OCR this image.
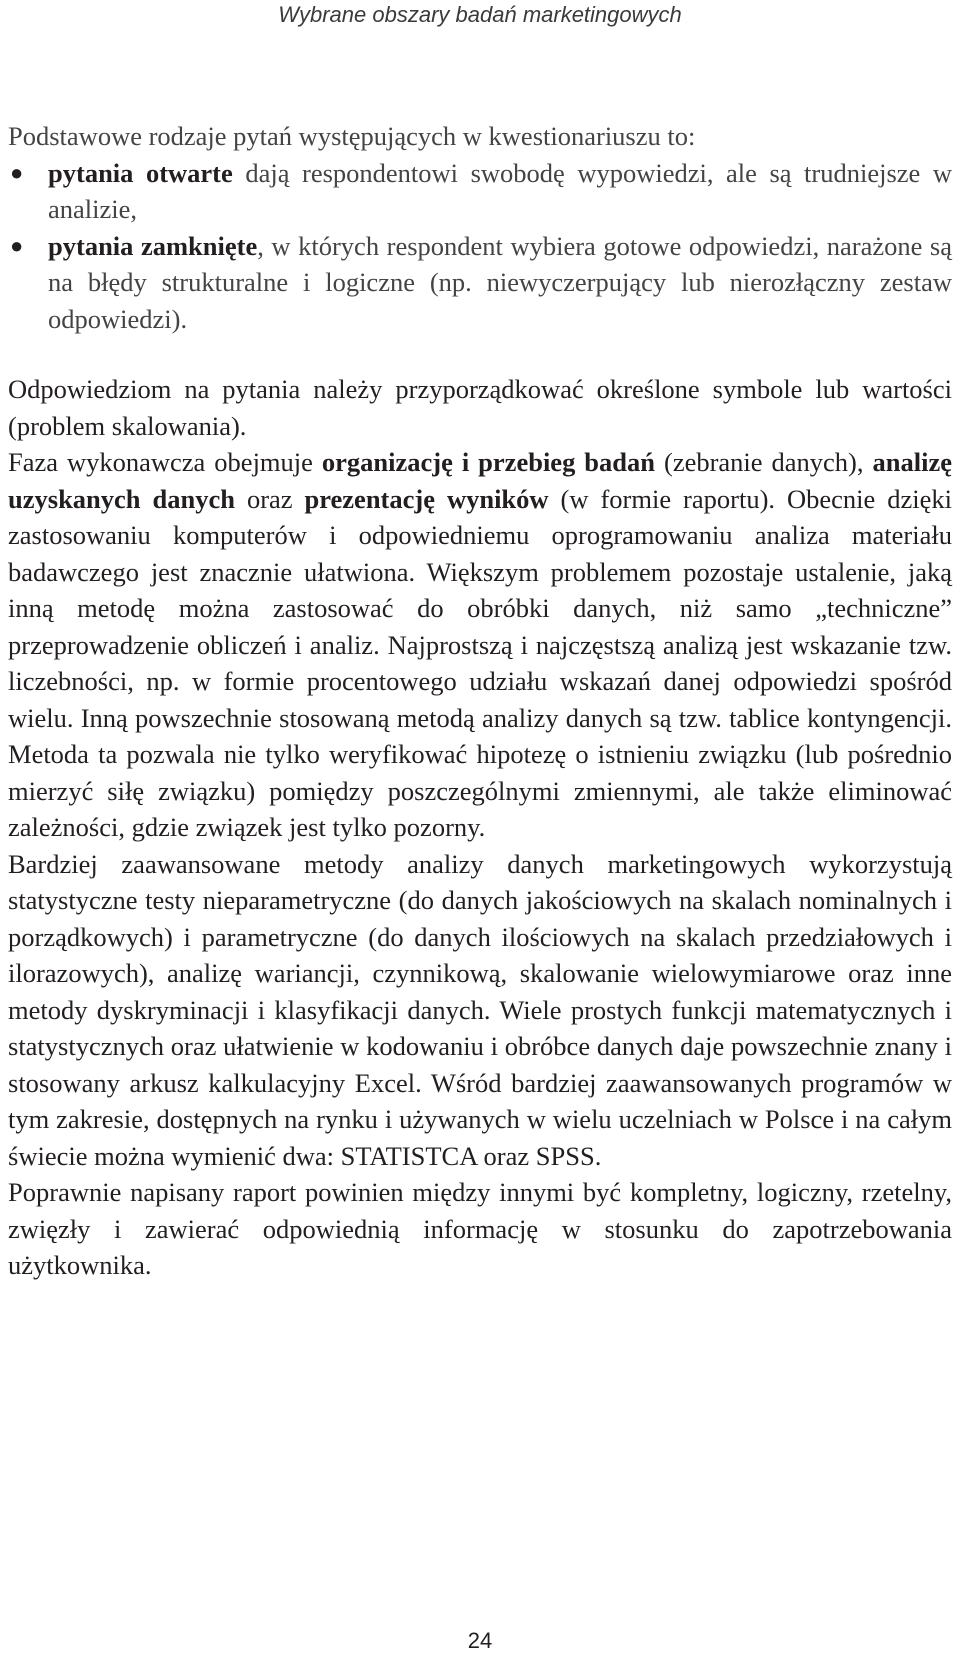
Wybrane obszary badań marketingowych

Podstawowe rodzaje pytań występujących w kwestionariuszu to:

● pytania otwarte dają respondentowi swobodę wypowiedzi, ale są trudniejsze w analizie,
● pytania zamknięte, w których respondent wybiera gotowe odpowiedzi, narażone są na błędy strukturalne i logiczne (np. niewyczerpujący lub nierozłączny zestaw odpowiedzi).

Odpowiedziom na pytania należy przyporządkować określone symbole lub wartości (problem skalowania).

Faza wykonawcza obejmuje organizację i przebieg badań (zebranie danych), analizę uzyskanych danych oraz prezentację wyników (w formie raportu). Obecnie dzięki zastosowaniu komputerów i odpowiedniemu oprogramowaniu analiza materiału badawczego jest znacznie ułatwiona. Większym problemem pozostaje ustalenie, jaką inną metodę można zastosować do obróbki danych, niż samo „techniczne” przeprowadzenie obliczeń i analiz. Najprostszą i najczęstszą analizą jest wskazanie tzw. liczebności, np. w formie procentowego udziału wskazań danej odpowiedzi spośród wielu. Inną powszechnie stosowaną metodą analizy danych są tzw. tablice kontyngencji. Metoda ta pozwala nie tylko weryfikować hipotezę o istnieniu związku (lub pośrednio mierzyć siłę związku) pomiędzy poszczególnymi zmiennymi, ale także eliminować zależności, gdzie związek jest tylko pozorny.

Bardziej zaawansowane metody analizy danych marketingowych wykorzystują statystyczne testy nieparametryczne (do danych jakościowych na skalach nominalnych i porządkowych) i parametryczne (do danych ilościowych na skalach przedziałowych i ilorazowych), analizę wariancji, czynnikową, skalowanie wielowymiarowe oraz inne metody dyskryminacji i klasyfikacji danych. Wiele prostych funkcji matematycznych i statystycznych oraz ułatwienie w kodowaniu i obróbce danych daje powszechnie znany i stosowany arkusz kalkulacyjny Excel. Wśród bardziej zaawansowanych programów w tym zakresie, dostępnych na rynku i używanych w wielu uczelniach w Polsce i na całym świecie można wymienić dwa: STATISTCA oraz SPSS.

Poprawnie napisany raport powinien między innymi być kompletny, logiczny, rzetelny, zwięzły i zawierać odpowiednią informację w stosunku do zapotrzebowania użytkownika.

24
